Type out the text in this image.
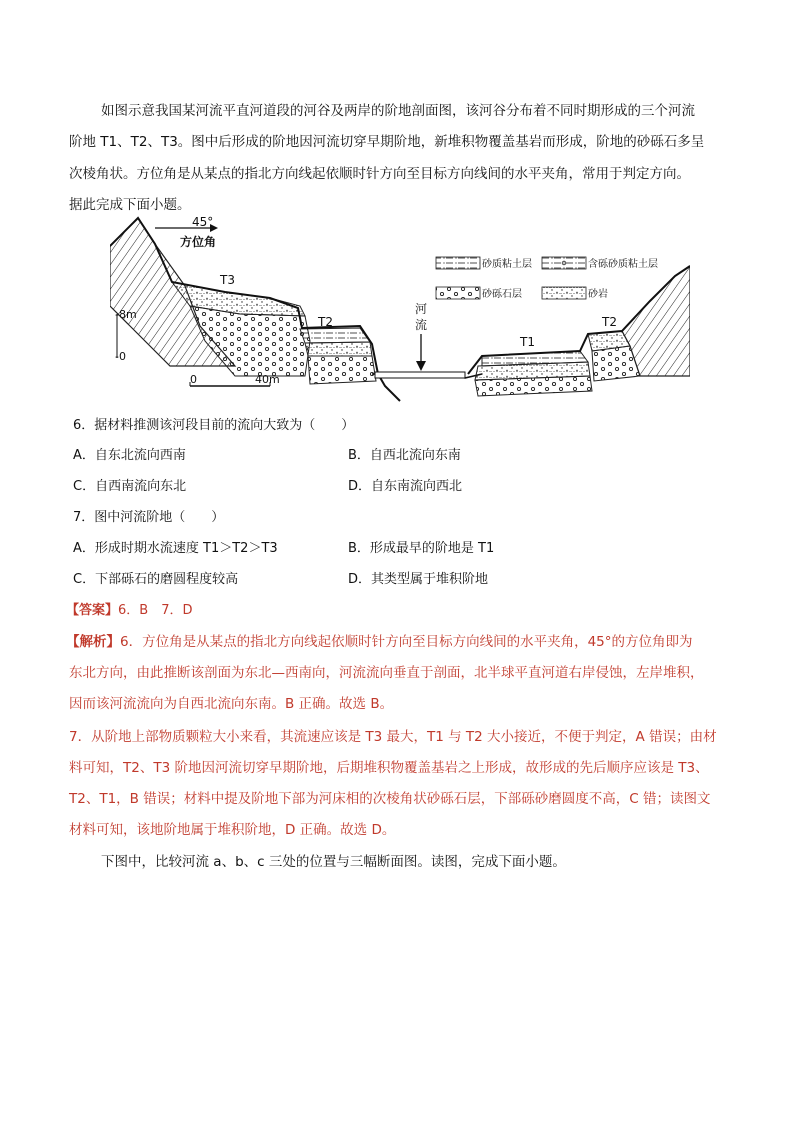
如图示意我国某河流平直河道段的河谷及两岸的阶地剖面图，该河谷分布着不同时期形成的三个河流
阶地 T1、T2、T3。图中后形成的阶地因河流切穿早期阶地，新堆积物覆盖基岩而形成，阶地的砂砾石多呈
次棱角状。方位角是从某点的指北方向线起依顺时针方向至目标方向线间的水平夹角，常用于判定方向。
据此完成下面小题。
45°
方位角
T3
T2
T1
T2
河
流
-8m
-0
0	40m
砂质粘土层	含砾砂质粘土层
砂砾石层	砂岩
6．据材料推测该河段目前的流向大致为（　　）
A．自东北流向西南	B．自西北流向东南
C．自西南流向东北	D．自东南流向西北
7．图中河流阶地（　　）
A．形成时期水流速度 T1＞T2＞T3	B．形成最早的阶地是 T1
C．下部砾石的磨圆程度较高	D．其类型属于堆积阶地
【答案】6．B　7．D
【解析】6．方位角是从某点的指北方向线起依顺时针方向至目标方向线间的水平夹角，45°的方位角即为
东北方向，由此推断该剖面为东北—西南向，河流流向垂直于剖面，北半球平直河道右岸侵蚀，左岸堆积，
因而该河流流向为自西北流向东南。B 正确。故选 B。
7．从阶地上部物质颗粒大小来看，其流速应该是 T3 最大，T1 与 T2 大小接近，不便于判定，A 错误；由材
料可知，T2、T3 阶地因河流切穿早期阶地，后期堆积物覆盖基岩之上形成，故形成的先后顺序应该是 T3、
T2、T1，B 错误；材料中提及阶地下部为河床相的次棱角状砂砾石层，下部砾砂磨圆度不高，C 错；读图文
材料可知，该地阶地属于堆积阶地，D 正确。故选 D。
下图中，比较河流 a、b、c 三处的位置与三幅断面图。读图，完成下面小题。
